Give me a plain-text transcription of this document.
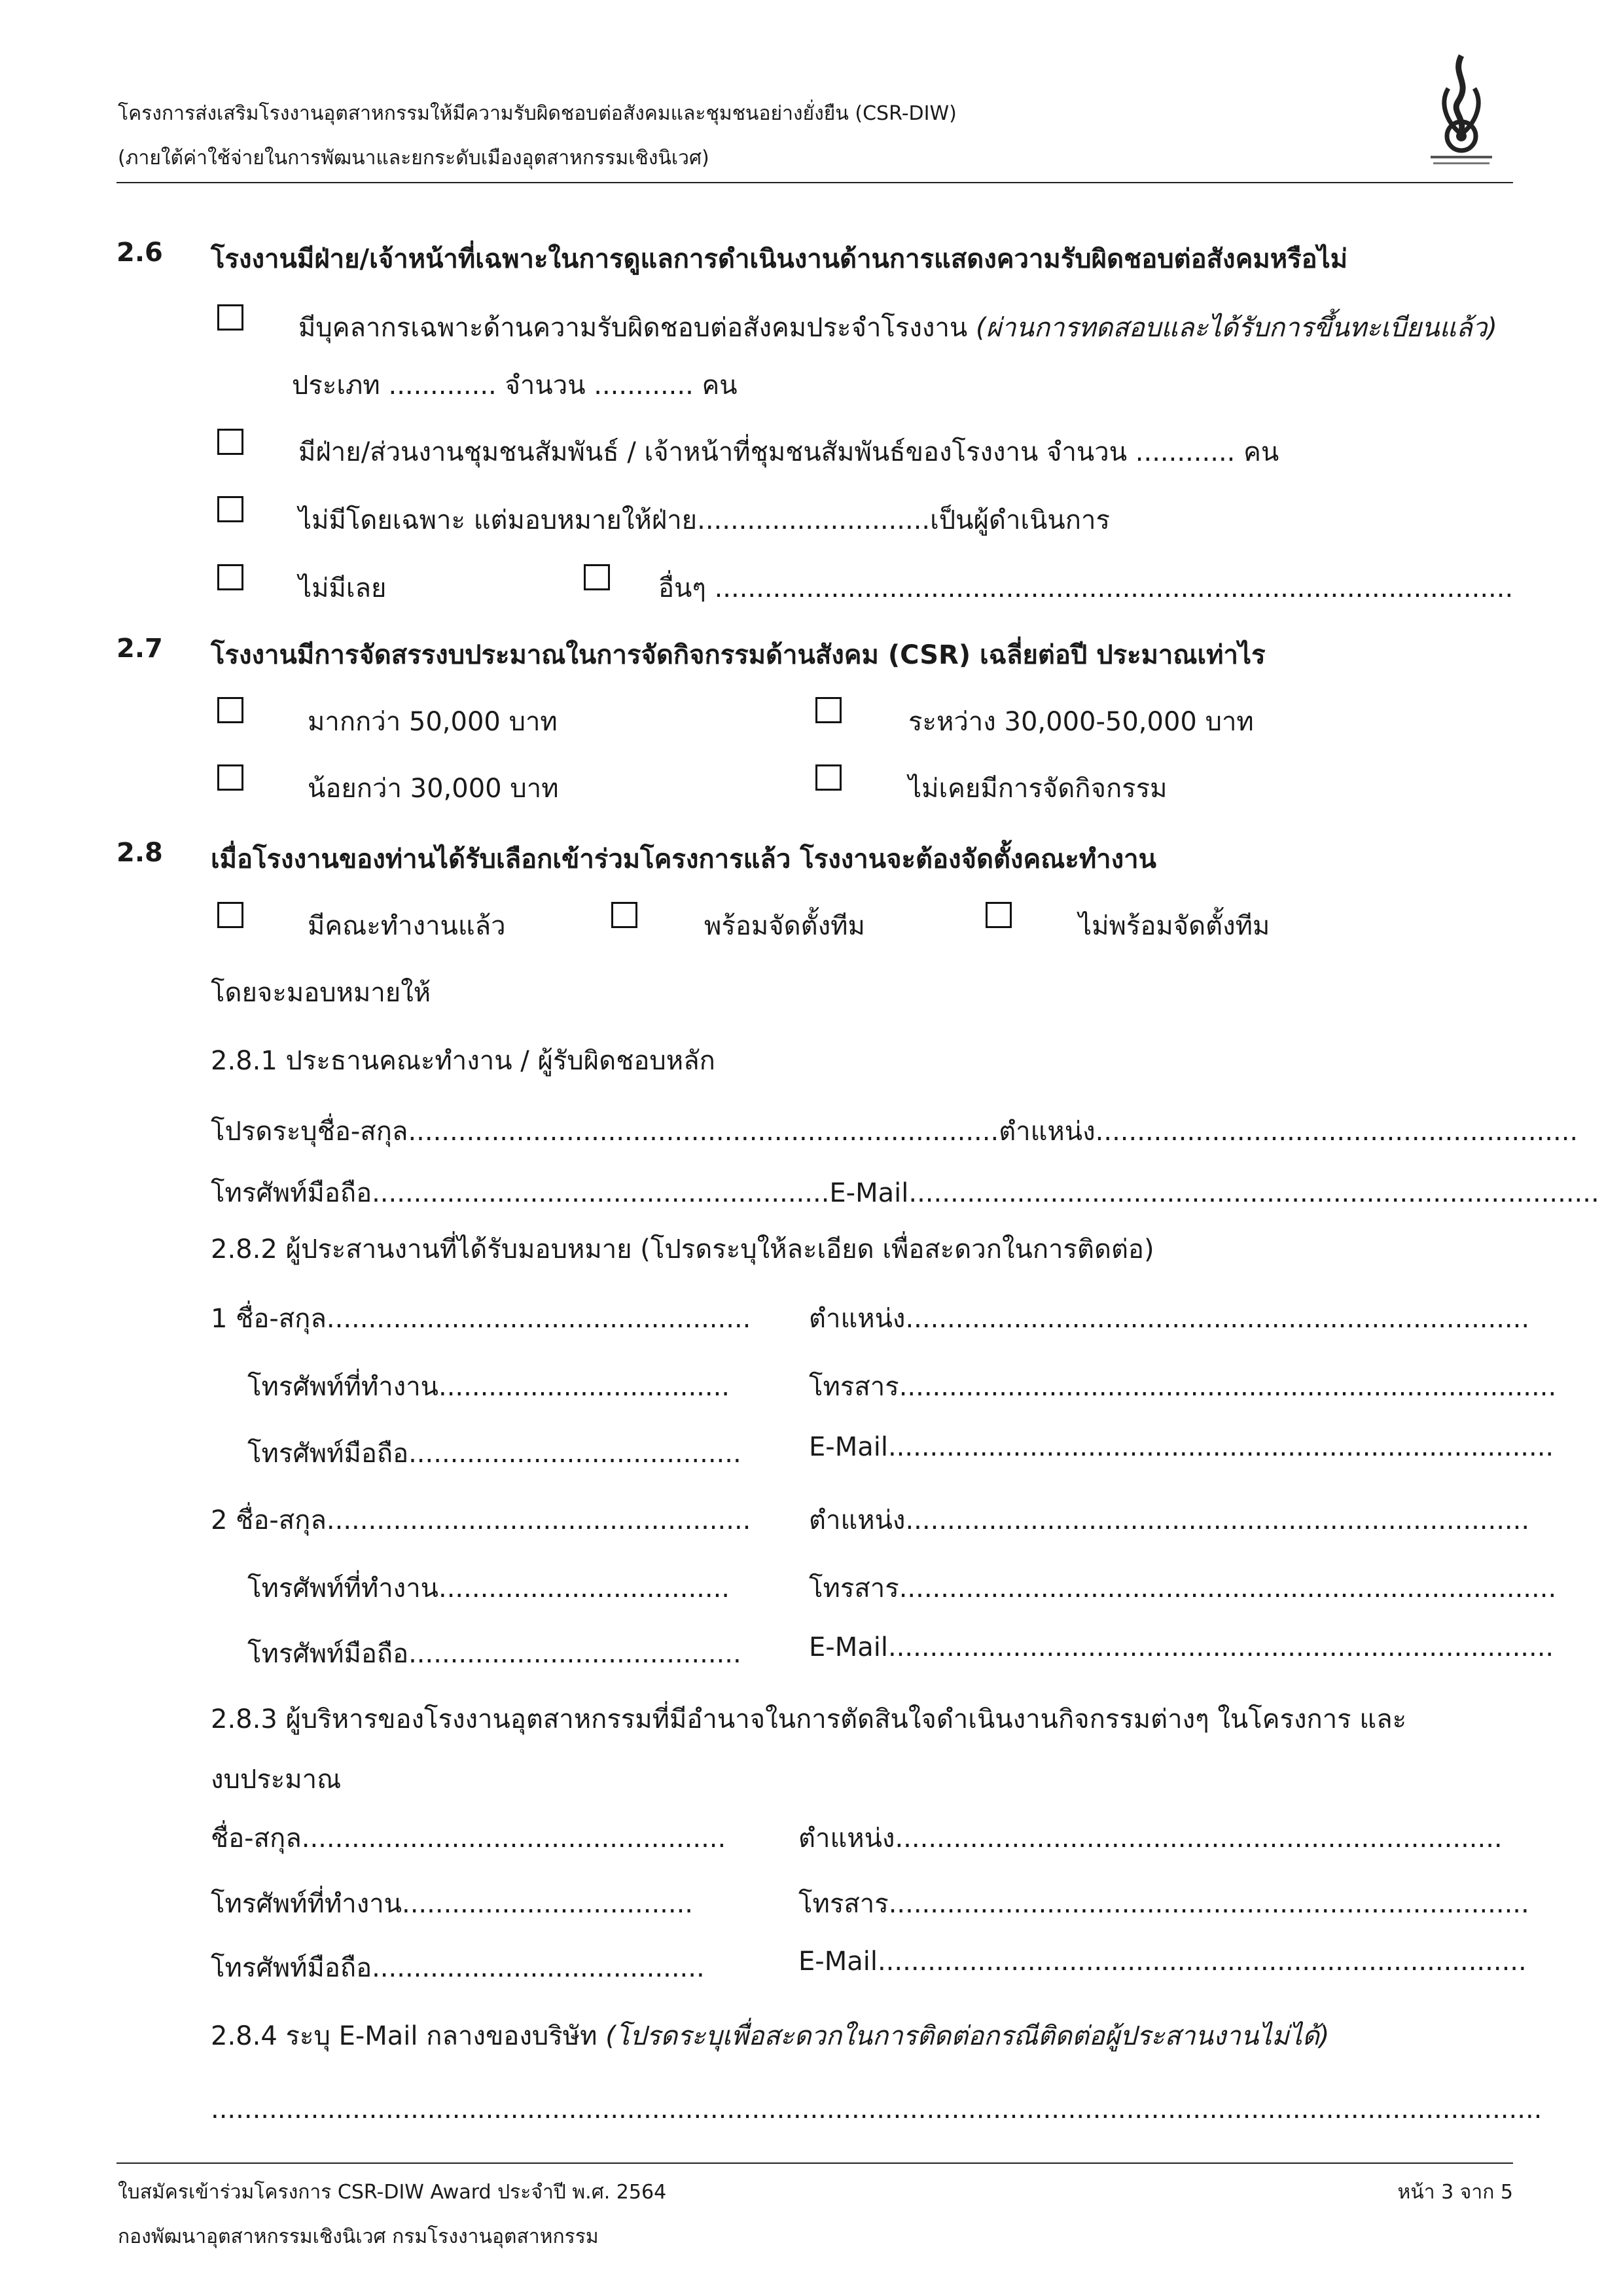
โครงการส่งเสริมโรงงานอุตสาหกรรมให้มีความรับผิดชอบต่อสังคมและชุมชนอย่างยั่งยืน (CSR-DIW)
(ภายใต้ค่าใช้จ่ายในการพัฒนาและยกระดับเมืองอุตสาหกรรมเชิงนิเวศ)
2.6 โรงงานมีฝ่าย/เจ้าหน้าที่เฉพาะในการดูแลการดำเนินงานด้านการแสดงความรับผิดชอบต่อสังคมหรือไม่
มีบุคลากรเฉพาะด้านความรับผิดชอบต่อสังคมประจำโรงงาน (ผ่านการทดสอบและได้รับการขึ้นทะเบียนแล้ว)
ประเภท ............. จำนวน ............ คน
มีฝ่าย/ส่วนงานชุมชนสัมพันธ์ / เจ้าหน้าที่ชุมชนสัมพันธ์ของโรงงาน จำนวน ............ คน
ไม่มีโดยเฉพาะ แต่มอบหมายให้ฝ่าย............................เป็นผู้ดำเนินการ
ไม่มีเลย	อื่นๆ ................................................................................................
2.7 โรงงานมีการจัดสรรงบประมาณในการจัดกิจกรรมด้านสังคม (CSR) เฉลี่ยต่อปี ประมาณเท่าไร
มากกว่า 50,000 บาท	ระหว่าง 30,000-50,000 บาท
น้อยกว่า 30,000 บาท	ไม่เคยมีการจัดกิจกรรม
2.8 เมื่อโรงงานของท่านได้รับเลือกเข้าร่วมโครงการแล้ว โรงงานจะต้องจัดตั้งคณะทำงาน
มีคณะทำงานแล้ว	พร้อมจัดตั้งทีม	ไม่พร้อมจัดตั้งทีม
โดยจะมอบหมายให้
2.8.1 ประธานคณะทำงาน / ผู้รับผิดชอบหลัก
โปรดระบุชื่อ-สกุล.......................................................................ตำแหน่ง..........................................................
โทรศัพท์มือถือ.......................................................E-Mail...................................................................................
2.8.2 ผู้ประสานงานที่ได้รับมอบหมาย (โปรดระบุให้ละเอียด เพื่อสะดวกในการติดต่อ)
1 ชื่อ-สกุล................................................... ตำแหน่ง...........................................................................
โทรศัพท์ที่ทำงาน...................................	โทรสาร...............................................................................
โทรศัพท์มือถือ........................................	E-Mail................................................................................
2 ชื่อ-สกุล................................................... ตำแหน่ง...........................................................................
โทรศัพท์ที่ทำงาน...................................	โทรสาร...............................................................................
โทรศัพท์มือถือ........................................	E-Mail................................................................................
2.8.3 ผู้บริหารของโรงงานอุตสาหกรรมที่มีอำนาจในการตัดสินใจดำเนินงานกิจกรรมต่างๆ ในโครงการ และ
งบประมาณ
ชื่อ-สกุล...................................................	ตำแหน่ง.........................................................................
โทรศัพท์ที่ทำงาน...................................	โทรสาร.............................................................................
โทรศัพท์มือถือ........................................	E-Mail..............................................................................
2.8.4 ระบุ E-Mail กลางของบริษัท (โปรดระบุเพื่อสะดวกในการติดต่อกรณีติดต่อผู้ประสานงานไม่ได้)
................................................................................................................................................................
ใบสมัครเข้าร่วมโครงการ CSR-DIW Award ประจำปี พ.ศ. 2564
กองพัฒนาอุตสาหกรรมเชิงนิเวศ กรมโรงงานอุตสาหกรรม
หน้า 3 จาก 5
